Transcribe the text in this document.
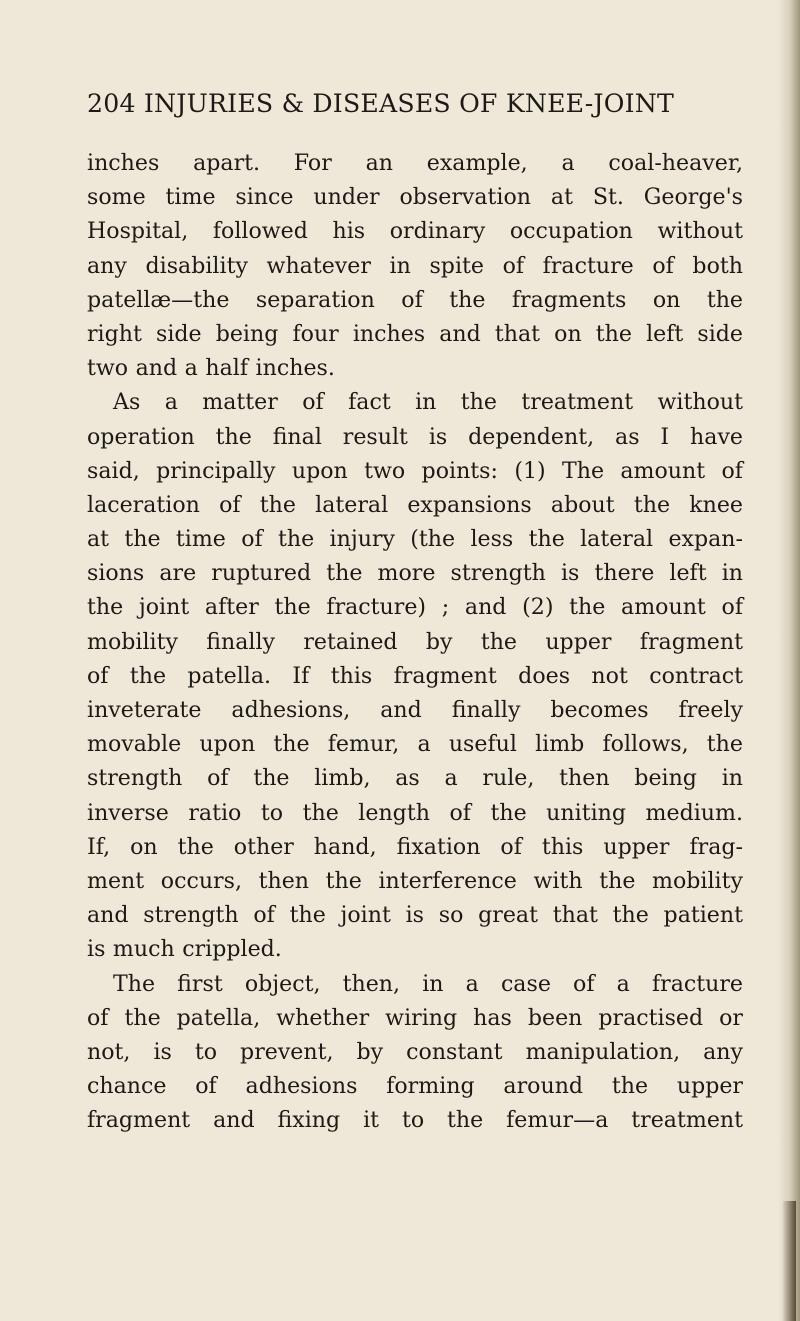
204 INJURIES & DISEASES OF KNEE-JOINT
inches apart. For an example, a coal-heaver,
some time since under observation at St. George's
Hospital, followed his ordinary occupation without
any disability whatever in spite of fracture of both
patellæ—the separation of the fragments on the
right side being four inches and that on the left side
two and a half inches.
As a matter of fact in the treatment without
operation the final result is dependent, as I have
said, principally upon two points: (1) The amount of
laceration of the lateral expansions about the knee
at the time of the injury (the less the lateral expan-
sions are ruptured the more strength is there left in
the joint after the fracture) ; and (2) the amount of
mobility finally retained by the upper fragment
of the patella. If this fragment does not contract
inveterate adhesions, and finally becomes freely
movable upon the femur, a useful limb follows, the
strength of the limb, as a rule, then being in
inverse ratio to the length of the uniting medium.
If, on the other hand, fixation of this upper frag-
ment occurs, then the interference with the mobility
and strength of the joint is so great that the patient
is much crippled.
The first object, then, in a case of a fracture
of the patella, whether wiring has been practised or
not, is to prevent, by constant manipulation, any
chance of adhesions forming around the upper
fragment and fixing it to the femur—a treatment
